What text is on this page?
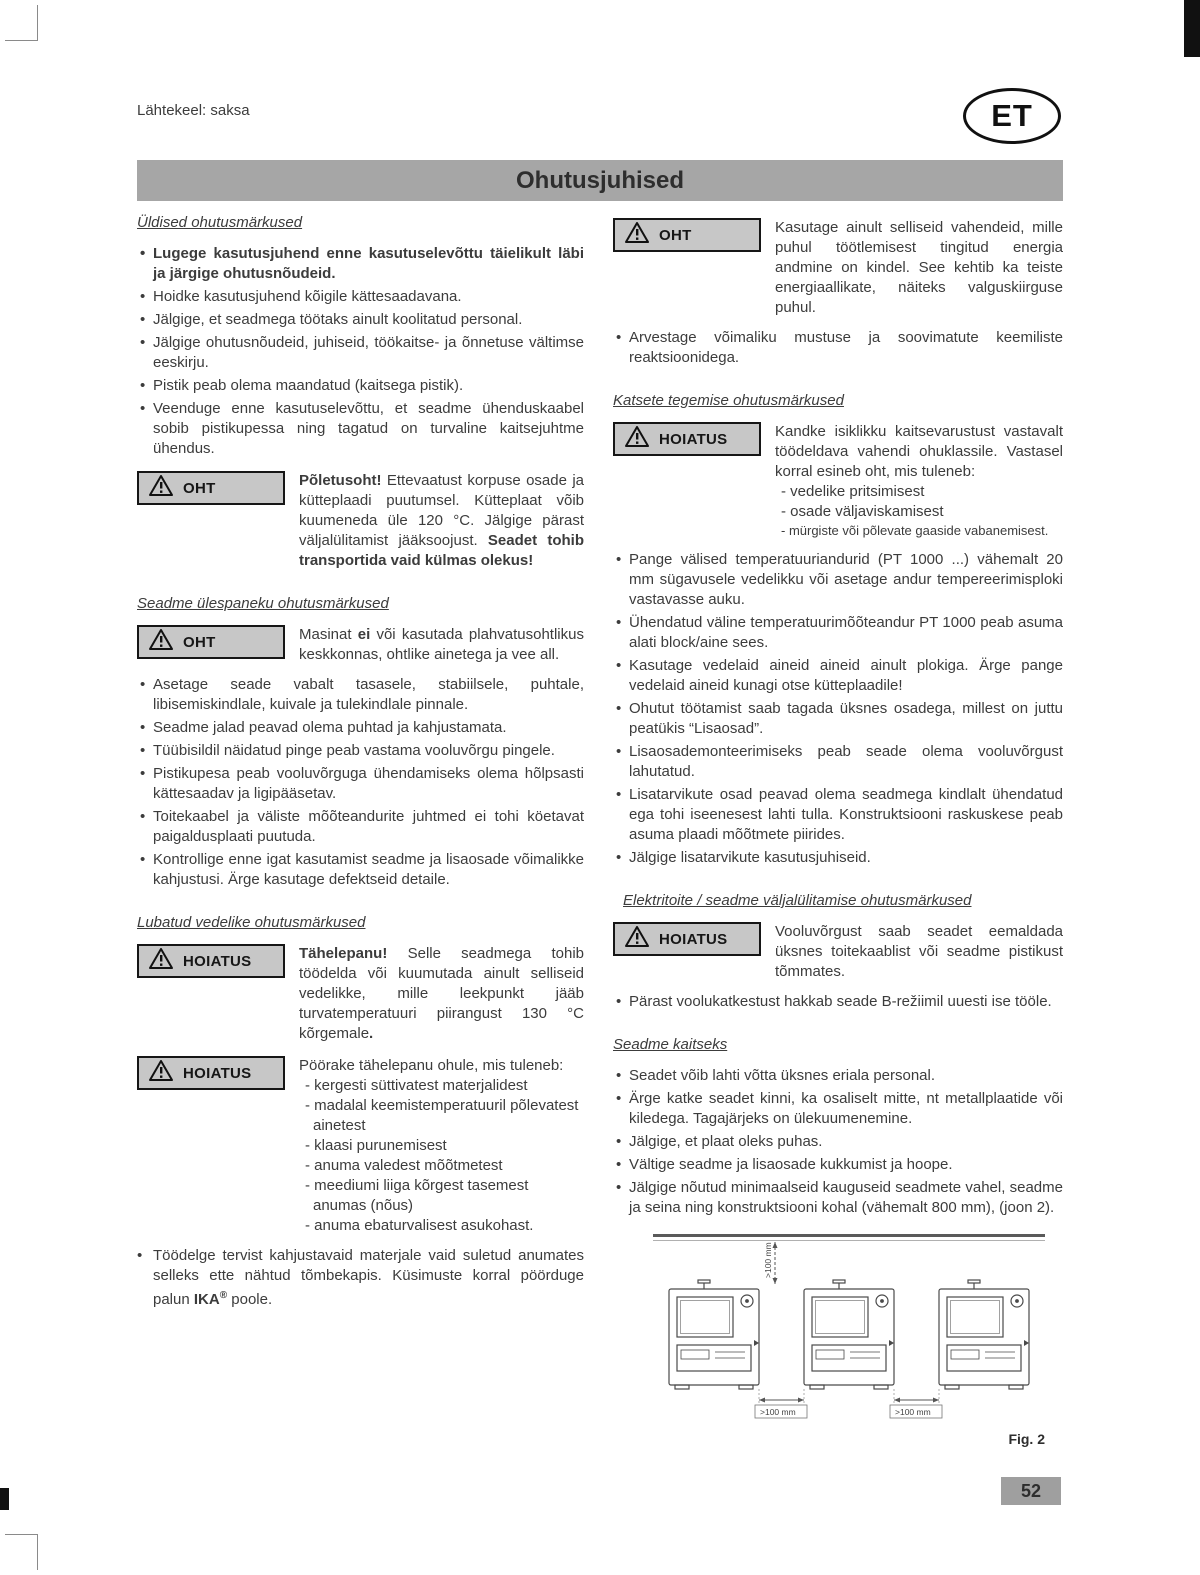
Lähtekeel: saksa	ET
Ohutusjuhised
Üldised ohutusmärkused
• Lugege kasutusjuhend enne kasutuselevõttu täielikult läbi ja järgige ohutusnõudeid.
• Hoidke kasutusjuhend kõigile kättesaadavana.
• Jälgige, et seadmega töötaks ainult koolitatud personal.
• Jälgige ohutusnõudeid, juhiseid, töökaitse- ja õnnetuse vältimse eeskirju.
• Pistik peab olema maandatud (kaitsega pistik).
• Veenduge enne kasutuselevõttu, et seadme ühenduskaabel sobib pistikupessa ning tagatud on turvaline kaitsejuhtme ühendus.
OHT	Põletusoht! Ettevaatust korpuse osade ja kütteplaadi puutumsel. Kütteplaat võib kuumeneda üle 120 °C. Jälgige pärast väljalülitamist jääksoojust. Seadet tohib transportida vaid külmas olekus!
Seadme ülespaneku ohutusmärkused
OHT	Masinat ei või kasutada plahvatusohtlikus keskkonnas, ohtlike ainetega ja vee all.
• Asetage seade vabalt tasasele, stabiilsele, puhtale, libisemiskindlale, kuivale ja tulekindlale pinnale.
• Seadme jalad peavad olema puhtad ja kahjustamata.
• Tüübisildil näidatud pinge peab vastama vooluvõrgu pingele.
• Pistikupesa peab vooluvõrguga ühendamiseks olema hõlpsasti kättesaadav ja ligipääsetav.
• Toitekaabel ja väliste mõõteandurite juhtmed ei tohi köetavat paigaldusplaati puutuda.
• Kontrollige enne igat kasutamist seadme ja lisaosade võimalikke kahjustusi. Ärge kasutage defektseid detaile.
Lubatud vedelike ohutusmärkused
HOIATUS	Tähelepanu! Selle seadmega tohib töödelda või kuumutada ainult selliseid vedelikke, mille leekpunkt jääb turvatemperatuuri piirangust 130 °C kõrgemale.
HOIATUS	Pöörake tähelepanu ohule, mis tuleneb:
- kergesti süttivatest materjalidest
- madalal keemistemperatuuril põlevatest ainetest
- klaasi purunemisest
- anuma valedest mõõtmetest
- meediumi liiga kõrgest tasemest anumas (nõus)
- anuma ebaturvalisest asukohast.
• Töödelge tervist kahjustavaid materjale vaid suletud anumates selleks ette nähtud tõmbekapis. Küsimuste korral pöörduge palun IKA® poole.
OHT	Kasutage ainult selliseid vahendeid, mille puhul töötlemisest tingitud energia andmine on kindel. See kehtib ka teiste energiaallikate, näiteks valguskiirguse puhul.
• Arvestage võimaliku mustuse ja soovimatute keemiliste reaktsioonidega.
Katsete tegemise ohutusmärkused
HOIATUS	Kandke isiklikku kaitsevarustust vastavalt töödeldava vahendi ohuklassile. Vastasel korral esineb oht, mis tuleneb:
- vedelike pritsimisest
- osade väljaviskamisest
- mürgiste või põlevate gaaside vabanemisest.
• Pange välised temperatuuriandurid (PT 1000 ...) vähemalt 20 mm sügavusele vedelikku või asetage andur tempereerimisploki vastavasse auku.
• Ühendatud väline temperatuurimõõteandur PT 1000 peab asuma alati block/aine sees.
• Kasutage vedelaid aineid aineid ainult plokiga. Ärge pange vedelaid aineid kunagi otse kütteplaadile!
• Ohutut töötamist saab tagada üksnes osadega, millest on juttu peatükis “Lisaosad”.
• Lisaosademonteerimiseks peab seade olema vooluvõrgust lahutatud.
• Lisatarvikute osad peavad olema seadmega kindlalt ühendatud ega tohi iseenesest lahti tulla. Konstruktsiooni raskuskese peab asuma plaadi mõõtmete piirides.
• Jälgige lisatarvikute kasutusjuhiseid.
Elektritoite / seadme väljalülitamise ohutusmärkused
HOIATUS	Vooluvõrgust saab seadet eemaldada üksnes toitekaablist või seadme pistikust tõmmates.
• Pärast voolukatkestust hakkab seade B-režiimil uuesti ise tööle.
Seadme kaitseks
• Seadet võib lahti võtta üksnes eriala personal.
• Ärge katke seadet kinni, ka osaliselt mitte, nt metallplaatide või kiledega. Tagajärjeks on ülekuumenemine.
• Jälgige, et plaat oleks puhas.
• Vältige seadme ja lisaosade kukkumist ja hoope.
• Jälgige nõutud minimaalseid kauguseid seadmete vahel, seadme ja seina ning konstruktsiooni kohal (vähemalt 800 mm), (joon 2).
>100 mm
>100 mm	>100 mm
Fig. 2
52
